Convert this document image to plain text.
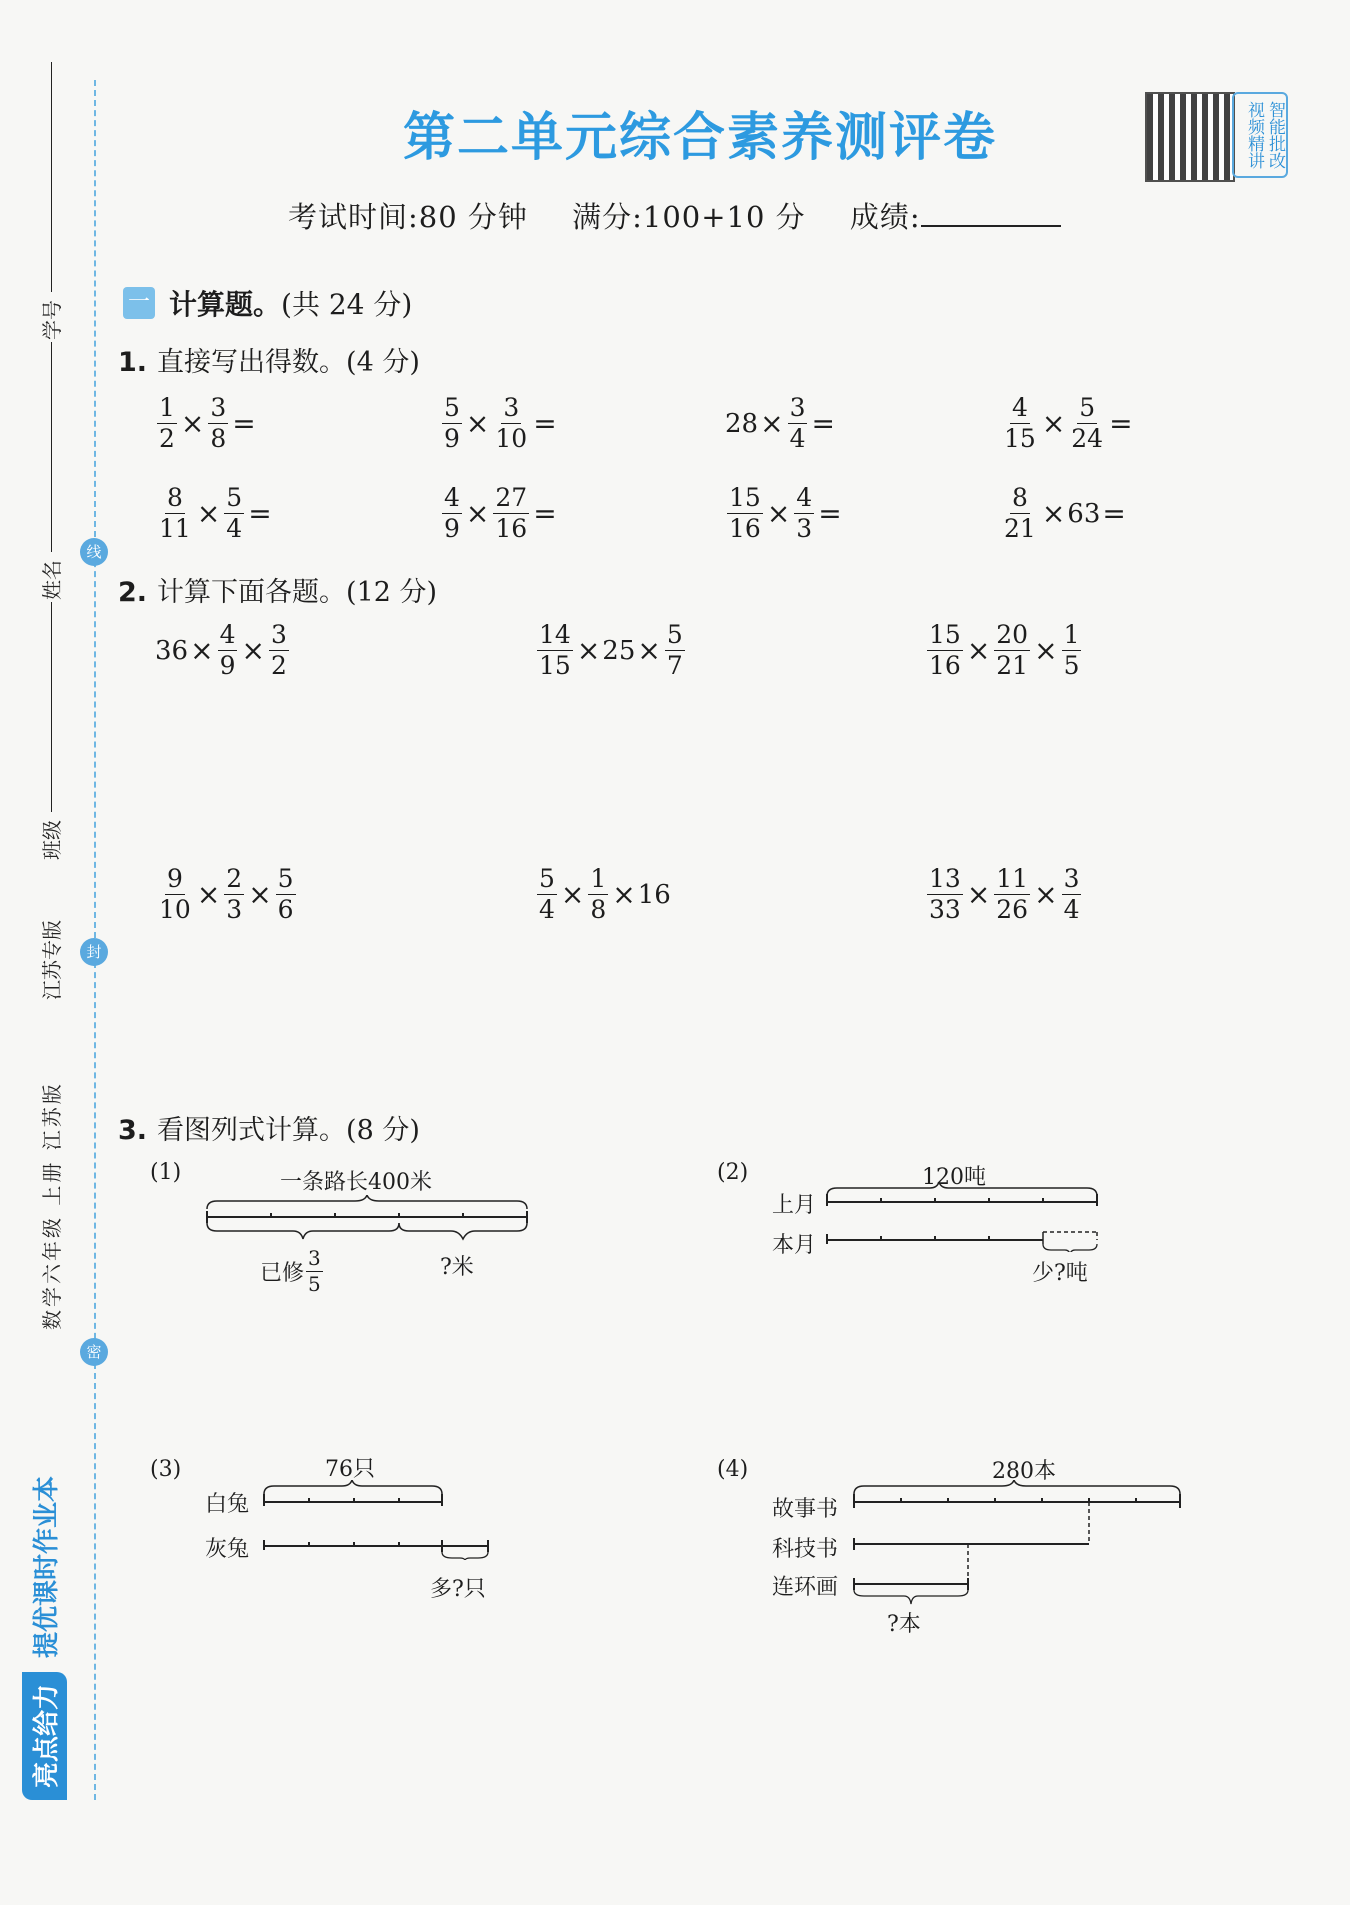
线
封
密
学号
姓名
班级
江苏专版
数学六年级 上册 江苏版
亮点给力提优课时作业本
第二单元综合素养测评卷	智能批改视频精讲
考试时间:80 分钟 满分:100+10 分 成绩:
一 计算题。 (共 24 分)
1. 直接写出得数。(4 分)
$\frac{1}{2} \times \frac{3}{8}$ =	$\frac{5}{9} \times \frac{3}{10}$ =	$28 \times \frac{3}{4}$ =	$\frac{4}{15} \times \frac{5}{24}$ =
$\frac{8}{11} \times \frac{5}{4}$ =	$\frac{4}{9} \times \frac{27}{16}$ =	$\frac{15}{16} \times \frac{4}{3}$ =	$\frac{8}{21} \times 63$ =
2. 计算下面各题。(12 分)
$36 \times \frac{4}{9} \times \frac{3}{2}$	$\frac{14}{15} \times 25 \times \frac{5}{7}$	$\frac{15}{16} \times \frac{20}{21} \times \frac{1}{5}$
$\frac{9}{10} \times \frac{2}{3} \times \frac{5}{6}$	$\frac{5}{4} \times \frac{1}{8} \times 16$	$\frac{13}{33} \times \frac{11}{26} \times \frac{3}{4}$
3. 看图列式计算。(8 分)
(1)	一条路长400米
已修 $\frac{3}{5}$	?米
(2)	120吨
上月
本月
少?吨
(3)	76只
白兔
灰兔
多?只
(4)	280本
故事书
科技书
连环画
?本
